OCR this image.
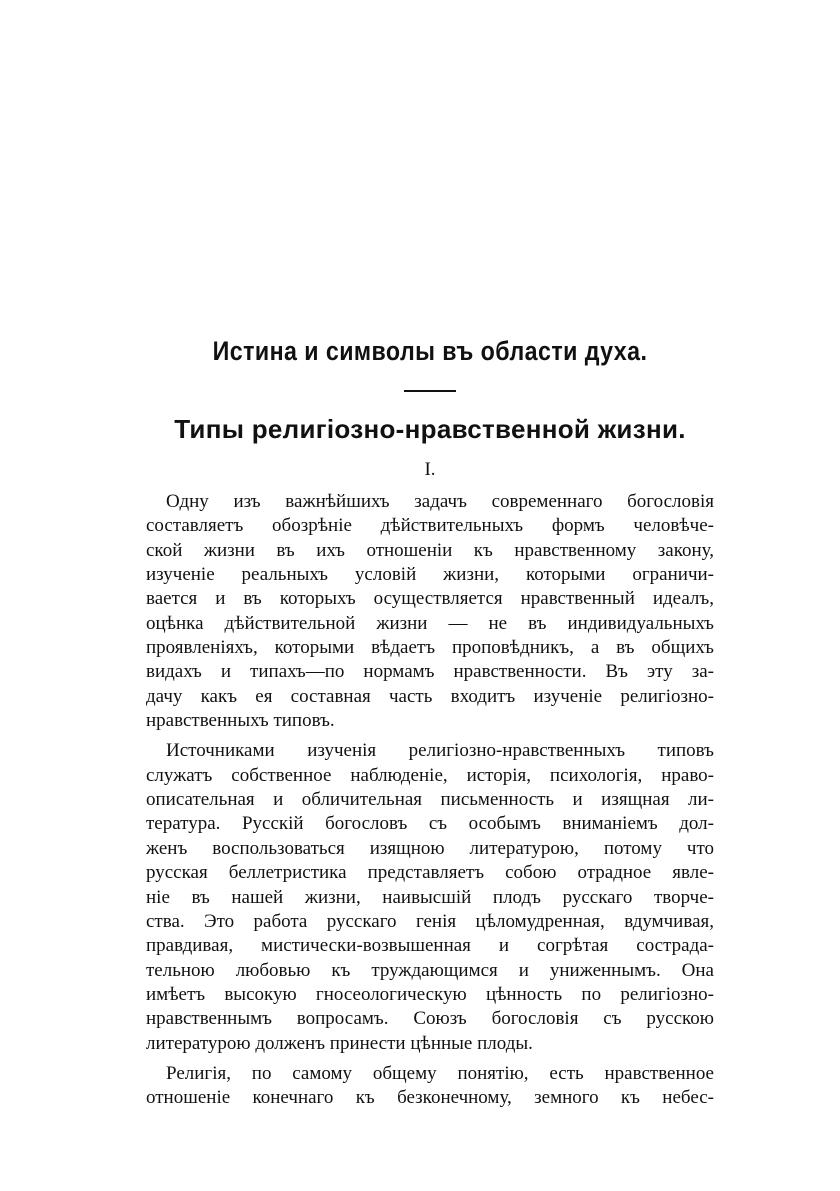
Истина и символы въ области духа.
Типы религіозно-нравственной жизни.
I.

Одну изъ важнѣйшихъ задачъ современнаго богословія
составляетъ обозрѣніе дѣйствительныхъ формъ человѣче-
ской жизни въ ихъ отношеніи къ нравственному закону,
изученіе реальныхъ условій жизни, которыми ограничи-
вается и въ которыхъ осуществляется нравственный идеалъ,
оцѣнка дѣйствительной жизни — не въ индивидуальныхъ
проявленіяхъ, которыми вѣдаетъ проповѣдникъ, а въ общихъ
видахъ и типахъ—по нормамъ нравственности. Въ эту за-
дачу какъ ея составная часть входитъ изученіе религіозно-
нравственныхъ типовъ.

Источниками изученія религіозно-нравственныхъ типовъ
служатъ собственное наблюденіе, исторія, психологія, нраво-
описательная и обличительная письменность и изящная ли-
тература. Русскій богословъ съ особымъ вниманіемъ дол-
женъ воспользоваться изящною литературою, потому что
русская беллетристика представляетъ собою отрадное явле-
ніе въ нашей жизни, наивысшій плодъ русскаго творче-
ства. Это работа русскаго генія цѣломудренная, вдумчивая,
правдивая, мистически-возвышенная и согрѣтая сострада-
тельною любовью къ труждающимся и униженнымъ. Она
имѣетъ высокую гносеологическую цѣнность по религіозно-
нравственнымъ вопросамъ. Союзъ богословія съ русскою
литературою долженъ принести цѣнные плоды.

Религія, по самому общему понятію, есть нравственное
отношеніе конечнаго къ безконечному, земного къ небес-
